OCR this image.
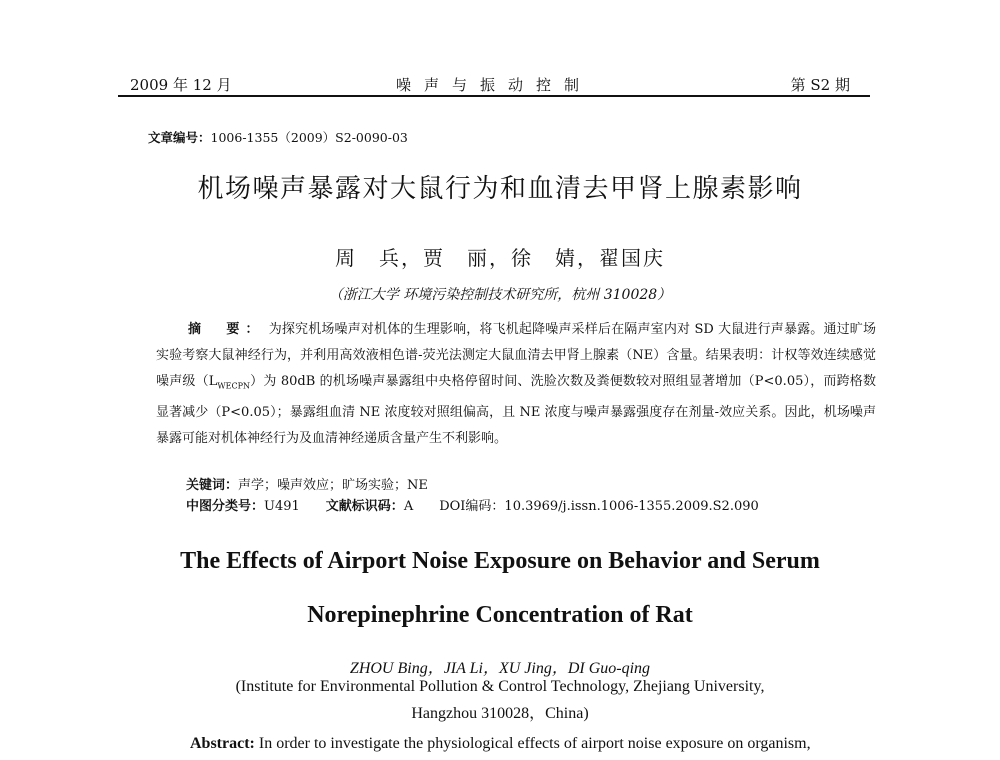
2009 年 12 月	噪声与振动控制	第 S2 期
文章编号：1006-1355（2009）S2-0090-03
机场噪声暴露对大鼠行为和血清去甲肾上腺素影响
周　兵，贾　丽，徐　婧，翟国庆
（浙江大学 环境污染控制技术研究所，杭州 310028）
摘　要： 为探究机场噪声对机体的生理影响，将飞机起降噪声采样后在隔声室内对 SD 大鼠进行声暴露。通过旷场实验考察大鼠神经行为，并利用高效液相色谱-荧光法测定大鼠血清去甲肾上腺素（NE）含量。结果表明：计权等效连续感觉噪声级$(L_{WECPN})$为 80dB 的机场噪声暴露组中央格停留时间、洗脸次数及粪便数较对照组显著增加（P<0.05），而跨格数显著减少（P<0.05）；暴露组血清 NE 浓度较对照组偏高，且 NE 浓度与噪声暴露强度存在剂量-效应关系。因此，机场噪声暴露可能对机体神经行为及血清神经递质含量产生不利影响。
关键词：声学；噪声效应；旷场实验；NE
中图分类号：U491 文献标识码：A DOI编码：10.3969/j.issn.1006-1355.2009.S2.090
The Effects of Airport Noise Exposure on Behavior and Serum
Norepinephrine Concentration of Rat
ZHOU Bing，JIA Li，XU Jing，DI Guo-qing
(Institute for Environmental Pollution & Control Technology, Zhejiang University,
Hangzhou 310028，China)
Abstract: In order to investigate the physiological effects of airport noise exposure on organism,
